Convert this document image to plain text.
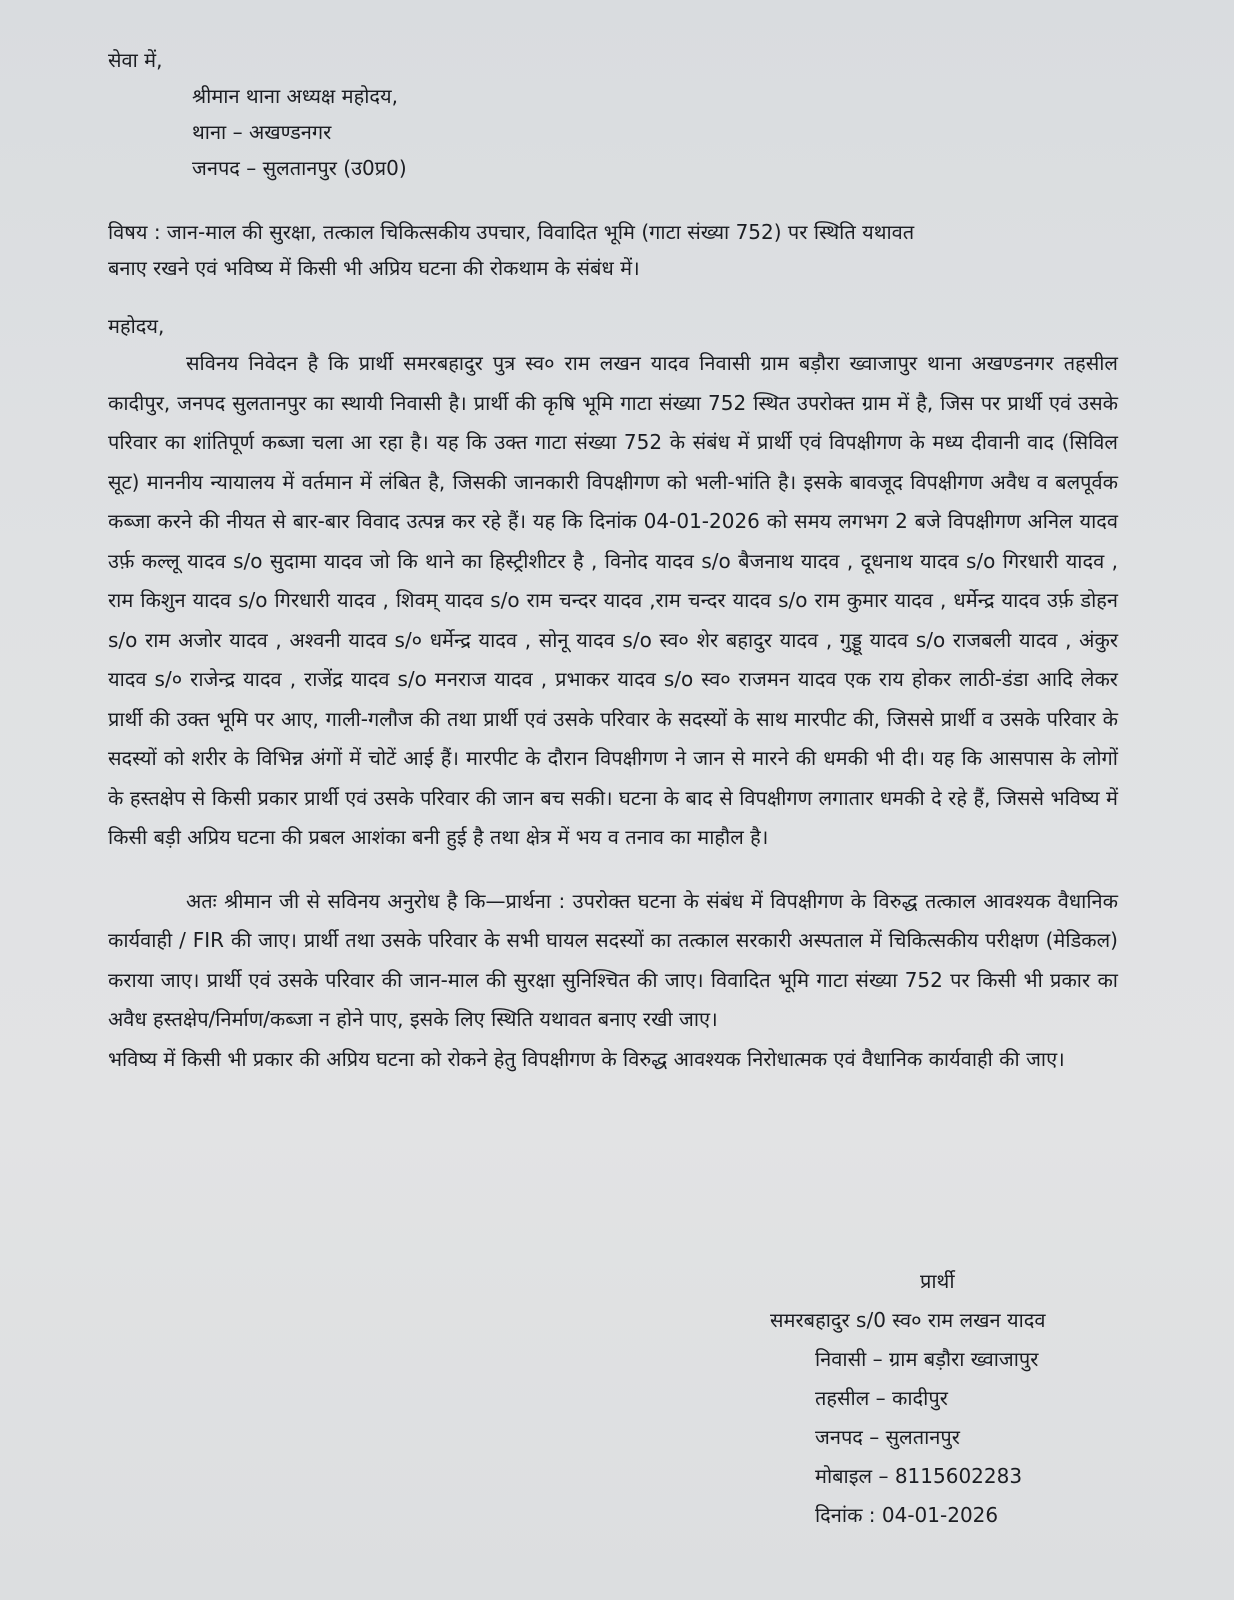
सेवा में,

श्रीमान थाना अध्यक्ष महोदय,

थाना – अखण्डनगर

जनपद – सुलतानपुर (उ0प्र0)

विषय : जान-माल की सुरक्षा, तत्काल चिकित्सकीय उपचार, विवादित भूमि (गाटा संख्या 752) पर स्थिति यथावत

बनाए रखने एवं भविष्य में किसी भी अप्रिय घटना की रोकथाम के संबंध में।

महोदय,

सविनय निवेदन है कि प्रार्थी समरबहादुर पुत्र स्व० राम लखन यादव निवासी ग्राम बड़ौरा ख्वाजापुर थाना अखण्डनगर तहसील कादीपुर, जनपद सुलतानपुर का स्थायी निवासी है। प्रार्थी की कृषि भूमि गाटा संख्या 752 स्थित उपरोक्त ग्राम में है, जिस पर प्रार्थी एवं उसके परिवार का शांतिपूर्ण कब्जा चला आ रहा है। यह कि उक्त गाटा संख्या 752 के संबंध में प्रार्थी एवं विपक्षीगण के मध्य दीवानी वाद (सिविल सूट) माननीय न्यायालय में वर्तमान में लंबित है, जिसकी जानकारी विपक्षीगण को भली-भांति है। इसके बावजूद विपक्षीगण अवैध व बलपूर्वक कब्जा करने की नीयत से बार-बार विवाद उत्पन्न कर रहे हैं। यह कि दिनांक 04-01-2026 को समय लगभग 2 बजे विपक्षीगण अनिल यादव उर्फ़ कल्लू यादव s/o सुदामा यादव जो कि थाने का हिस्ट्रीशीटर है , विनोद यादव s/o बैजनाथ यादव , दूधनाथ यादव s/o गिरधारी यादव , राम किशुन यादव s/o गिरधारी यादव , शिवम् यादव s/o राम चन्दर यादव ,राम चन्दर यादव s/o राम कुमार यादव , धर्मेन्द्र यादव उर्फ़ डोहन s/o राम अजोर यादव , अश्वनी यादव s/० धर्मेन्द्र यादव , सोनू यादव s/o स्व० शेर बहादुर यादव , गुड्डू यादव s/o राजबली यादव , अंकुर यादव s/० राजेन्द्र यादव , राजेंद्र यादव s/o मनराज यादव , प्रभाकर यादव s/o स्व० राजमन यादव एक राय होकर लाठी-डंडा आदि लेकर प्रार्थी की उक्त भूमि पर आए, गाली-गलौज की तथा प्रार्थी एवं उसके परिवार के सदस्यों के साथ मारपीट की, जिससे प्रार्थी व उसके परिवार के सदस्यों को शरीर के विभिन्न अंगों में चोटें आई हैं। मारपीट के दौरान विपक्षीगण ने जान से मारने की धमकी भी दी। यह कि आसपास के लोगों के हस्तक्षेप से किसी प्रकार प्रार्थी एवं उसके परिवार की जान बच सकी। घटना के बाद से विपक्षीगण लगातार धमकी दे रहे हैं, जिससे भविष्य में किसी बड़ी अप्रिय घटना की प्रबल आशंका बनी हुई है तथा क्षेत्र में भय व तनाव का माहौल है।

अतः श्रीमान जी से सविनय अनुरोध है कि—प्रार्थना : उपरोक्त घटना के संबंध में विपक्षीगण के विरुद्ध तत्काल आवश्यक वैधानिक कार्यवाही / FIR की जाए। प्रार्थी तथा उसके परिवार के सभी घायल सदस्यों का तत्काल सरकारी अस्पताल में चिकित्सकीय परीक्षण (मेडिकल) कराया जाए। प्रार्थी एवं उसके परिवार की जान-माल की सुरक्षा सुनिश्चित की जाए। विवादित भूमि गाटा संख्या 752 पर किसी भी प्रकार का अवैध हस्तक्षेप/निर्माण/कब्जा न होने पाए, इसके लिए स्थिति यथावत बनाए रखी जाए।

भविष्य में किसी भी प्रकार की अप्रिय घटना को रोकने हेतु विपक्षीगण के विरुद्ध आवश्यक निरोधात्मक एवं वैधानिक कार्यवाही की जाए।

प्रार्थी

समरबहादुर s/0 स्व० राम लखन यादव

निवासी – ग्राम बड़ौरा ख्वाजापुर

तहसील – कादीपुर

जनपद – सुलतानपुर

मोबाइल – 8115602283

दिनांक : 04-01-2026
